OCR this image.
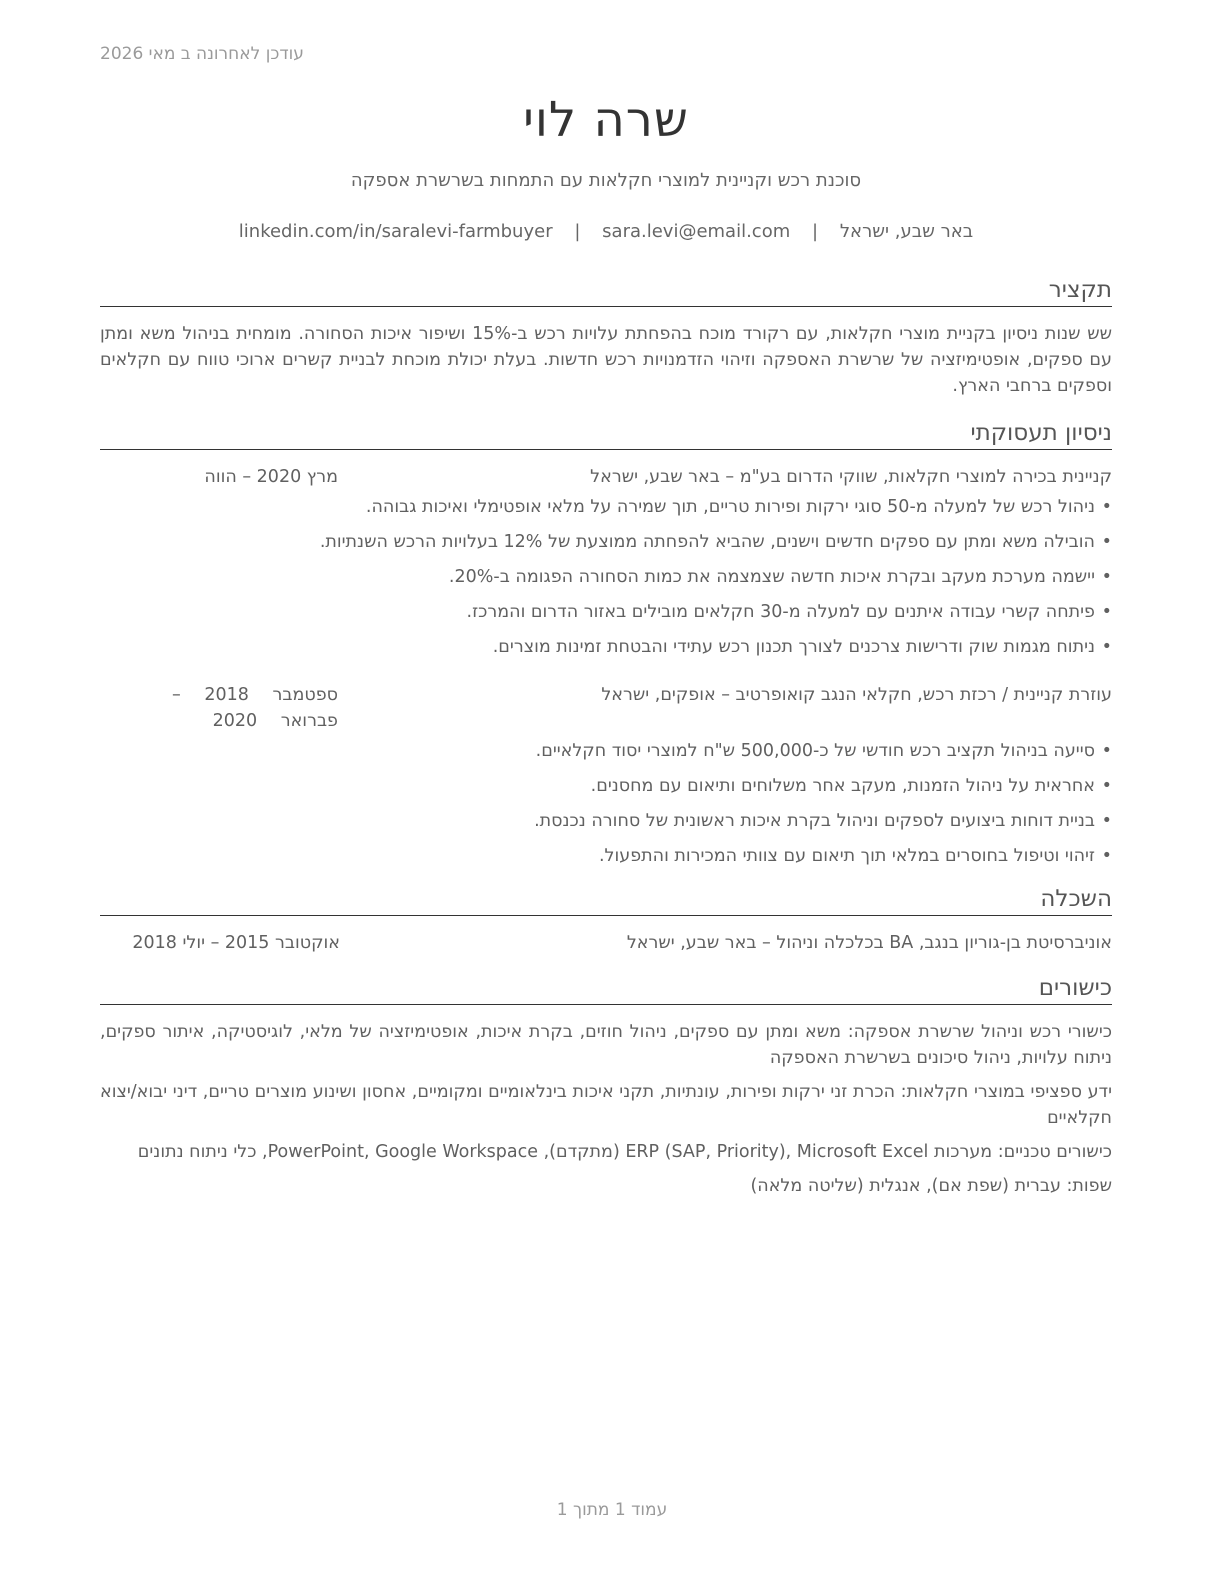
עודכן לאחרונה ב מאי 2026
שרה לוי
סוכנת רכש וקניינית למוצרי חקלאות עם התמחות בשרשרת אספקה
linkedin.com/in/saralevi-farmbuyer | sara.levi@email.com | באר שבע, ישראל
תקציר
שש שנות ניסיון בקניית מוצרי חקלאות, עם רקורד מוכח בהפחתת עלויות רכש ב-15% ושיפור איכות הסחורה. מומחית בניהול משא ומתן עם ספקים, אופטימיזציה של שרשרת האספקה וזיהוי הזדמנויות רכש חדשות. בעלת יכולת מוכחת לבניית קשרים ארוכי טווח עם חקלאים וספקים ברחבי הארץ.
ניסיון תעסוקתי
קניינית בכירה למוצרי חקלאות, שווקי הדרום בע"מ – באר שבע, ישראל
מרץ 2020 – הווה
• ניהול רכש של למעלה מ-50 סוגי ירקות ופירות טריים, תוך שמירה על מלאי אופטימלי ואיכות גבוהה.
• הובילה משא ומתן עם ספקים חדשים וישנים, שהביא להפחתה ממוצעת של 12% בעלויות הרכש השנתיות.
• יישמה מערכת מעקב ובקרת איכות חדשה שצמצמה את כמות הסחורה הפגומה ב-20%.
• פיתחה קשרי עבודה איתנים עם למעלה מ-30 חקלאים מובילים באזור הדרום והמרכז.
• ניתוח מגמות שוק ודרישות צרכנים לצורך תכנון רכש עתידי והבטחת זמינות מוצרים.
עוזרת קניינית / רכזת רכש, חקלאי הנגב קואופרטיב – אופקים, ישראל
ספטמבר 2018 – פברואר 2020
• סייעה בניהול תקציב רכש חודשי של כ-500,000 ש"ח למוצרי יסוד חקלאיים.
• אחראית על ניהול הזמנות, מעקב אחר משלוחים ותיאום עם מחסנים.
• בניית דוחות ביצועים לספקים וניהול בקרת איכות ראשונית של סחורה נכנסת.
• זיהוי וטיפול בחוסרים במלאי תוך תיאום עם צוותי המכירות והתפעול.
השכלה
אוניברסיטת בן-גוריון בנגב, BA בכלכלה וניהול – באר שבע, ישראל
אוקטובר 2015 – יולי 2018
כישורים
כישורי רכש וניהול שרשרת אספקה: משא ומתן עם ספקים, ניהול חוזים, בקרת איכות, אופטימיזציה של מלאי, לוגיסטיקה, איתור ספקים, ניתוח עלויות, ניהול סיכונים בשרשרת האספקה
ידע ספציפי במוצרי חקלאות: הכרת זני ירקות ופירות, עונתיות, תקני איכות בינלאומיים ומקומיים, אחסון ושינוע מוצרים טריים, דיני יבוא/יצוא חקלאיים
כישורים טכניים: מערכות ERP (SAP, Priority), Microsoft Excel (מתקדם), PowerPoint, Google Workspace, כלי ניתוח נתונים
שפות: עברית (שפת אם), אנגלית (שליטה מלאה)
עמוד 1 מתוך 1
